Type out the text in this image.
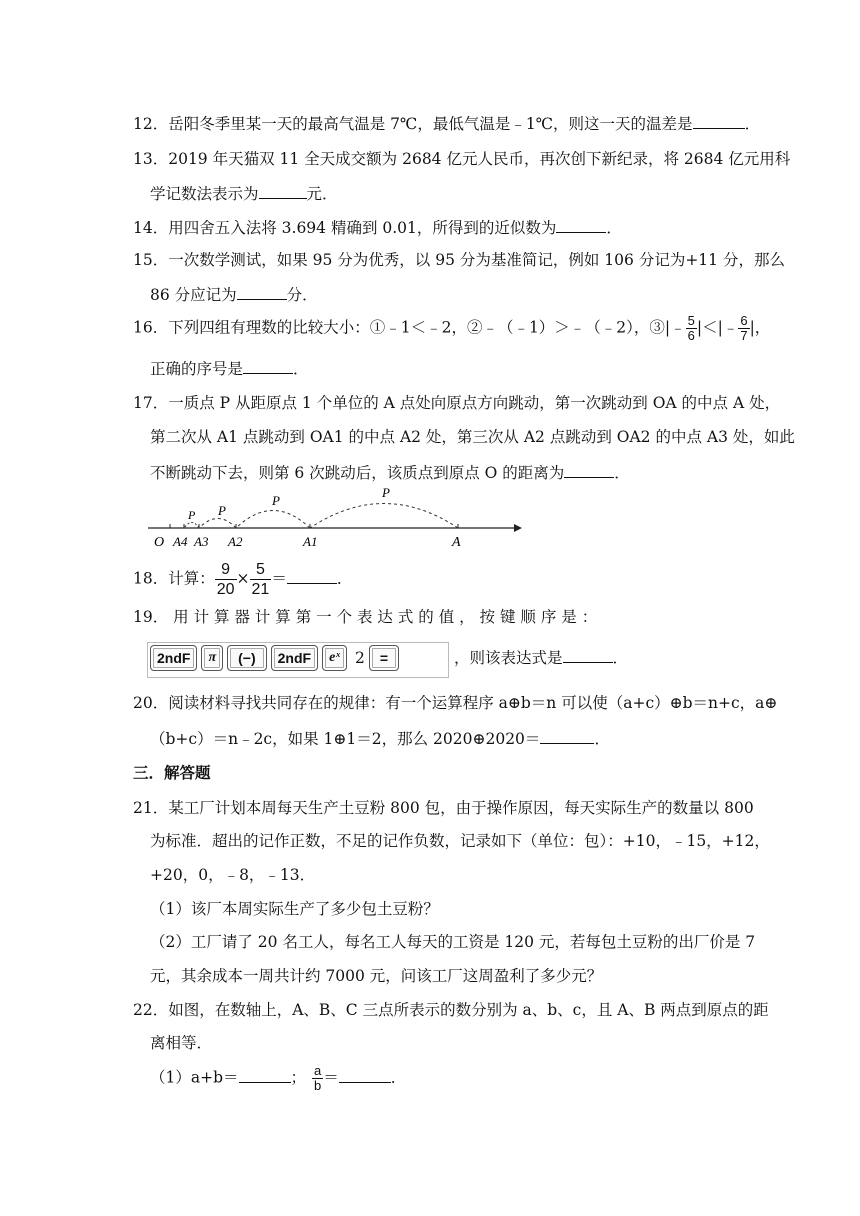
12．岳阳冬季里某一天的最高气温是 7℃，最低气温是﹣1℃，则这一天的温差是	．
13．2019 年天猫双 11 全天成交额为 2684 亿元人民币，再次创下新纪录，将 2684 亿元用科
学记数法表示为	元．
14．用四舍五入法将 3.694 精确到 0.01，所得到的近似数为	．
15．一次数学测试，如果 95 分为优秀，以 95 分为基准简记，例如 106 分记为+11 分，那么
86 分应记为	分．
16．下列四组有理数的比较大小：①﹣1＜﹣2，②﹣（﹣1）＞﹣（﹣2），③|﹣ $\frac{5}{6}$ |＜|﹣ $\frac{6}{7}$ |，
正确的序号是	．
17．一质点 P 从距原点 1 个单位的 A 点处向原点方向跳动，第一次跳动到 OA 的中点 A 处，
第二次从 A1 点跳动到 OA1 的中点 A2 处，第三次从 A2 点跳动到 OA2 的中点 A3 处，如此
不断跳动下去，则第 6 次跳动后，该质点到原点 O 的距离为	．
P
P
P
P
O A4 A3 A2	A1	A
18．计算： $\frac{9}{20} \times \frac{5}{21}$ ＝	．
19． 用 计 算 器 计 算 第 一 个 表 达 式 的 值 ， 按 键 顺 序 是 ：
2ndF π (−) 2ndF eˣ 2 =	，则该表达式是	．
20．阅读材料寻找共同存在的规律：有一个运算程序 a⊕b＝n 可以使（a+c）⊕b＝n+c，a⊕
（b+c）＝n﹣2c，如果 1⊕1＝2，那么 2020⊕2020＝	．
三．解答题
21．某工厂计划本周每天生产土豆粉 800 包，由于操作原因，每天实际生产的数量以 800
为标准．超出的记作正数，不足的记作负数，记录如下（单位：包）：+10，﹣15，+12，
+20，0，﹣8，﹣13．
（1）该厂本周实际生产了多少包土豆粉？
（2）工厂请了 20 名工人，每名工人每天的工资是 120 元，若每包土豆粉的出厂价是 7
元，其余成本一周共计约 7000 元，问该工厂这周盈利了多少元？
22．如图，在数轴上，A、B、C 三点所表示的数分别为 a、b、c，且 A、B 两点到原点的距
离相等．
（1）a+b＝	； $\frac{a}{b}$ ＝	．
